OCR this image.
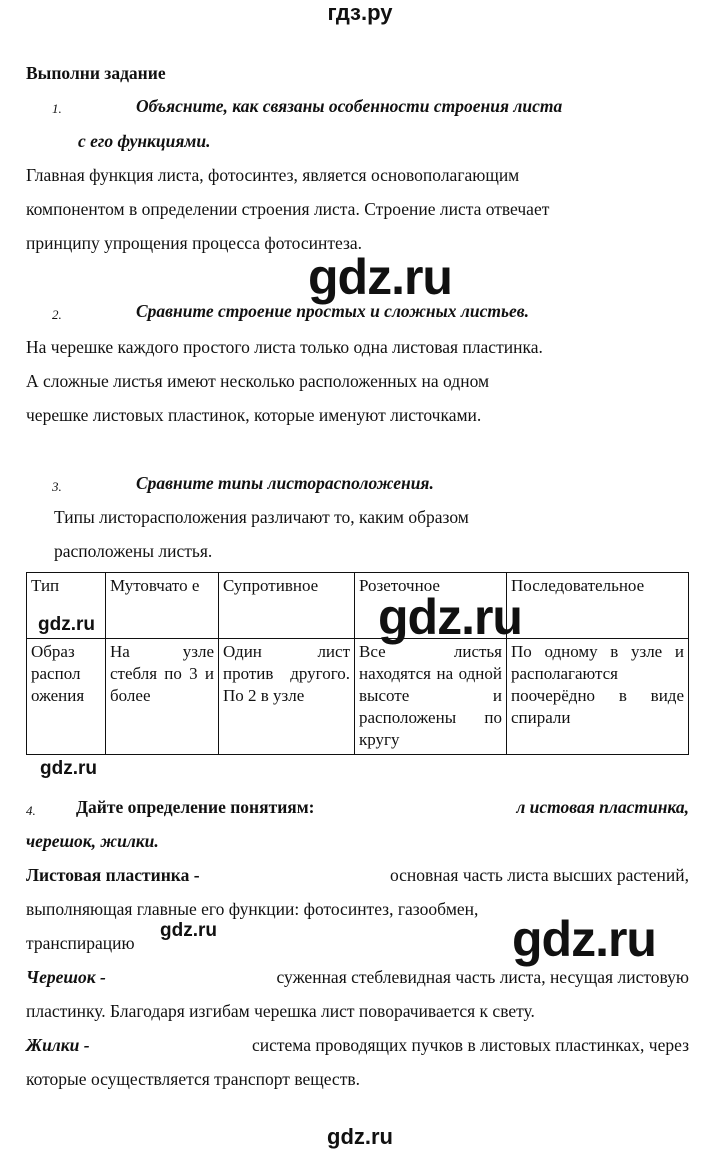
гдз.ру
Выполни задание
1.	Объясните, как связаны особенности строения листа
с его функциями.
Главная функция листа, фотосинтез, является основополагающим
компонентом в определении строения листа. Строение листа отвечает
принципу упрощения процесса фотосинтеза.
gdz.ru
2.	Сравните строение простых и сложных листьев.
На черешке каждого простого листа только одна листовая пластинка.
А сложные листья имеют несколько расположенных на одном
черешке листовых пластинок, которые именуют листочками.
3.	Сравните типы листорасположения.
Типы листорасположения различают то, каким образом
расположены листья.
Тип	Мутовчато е	Супротивное	Розеточное	Последовательное
Образ распол ожения	На узле стебля по 3 и более	Один лист против другого. По 2 в узле	Все листья находятся на одной высоте и расположены по кругу	По одному в узле и располагаются поочерёдно в виде спирали
gdz.ru
gdz.ru
gdz.ru
4. Дайте определение понятиям:	л истовая пластинка,
черешок, жилки.
Листовая пластинка -	основная часть листа высших растений,
выполняющая главные его функции: фотосинтез, газообмен,
транспирацию
gdz.ru	gdz.ru
Черешок -	суженная стеблевидная часть листа, несущая листовую
пластинку. Благодаря изгибам черешка лист поворачивается к свету.
Жилки -	система проводящих пучков в листовых пластинках, через
которые осуществляется транспорт веществ.
gdz.ru
